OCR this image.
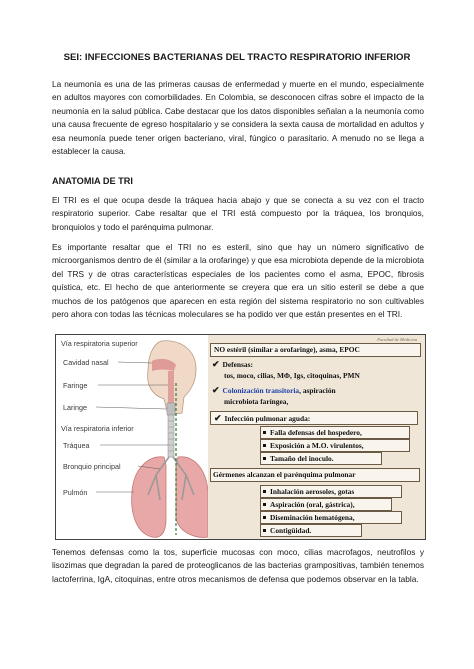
SEI: INFECCIONES BACTERIANAS DEL TRACTO RESPIRATORIO INFERIOR

La neumonía es una de las primeras causas de enfermedad y muerte en el mundo, especialmente en adultos mayores con comorbilidades. En Colombia, se desconocen cifras sobre el impacto de la neumonía en la salud pública. Cabe destacar que los datos disponibles señalan a la neumonía como una causa frecuente de egreso hospitalario y se considera la sexta causa de mortalidad en adultos y esa neumonía puede tener origen bacteriano, viral, fúngico o parasitario. A menudo no se llega a establecer la causa.

ANATOMIA DE TRI

El TRI es el que ocupa desde la tráquea hacia abajo y que se conecta a su vez con el tracto respiratorio superior. Cabe resaltar que el TRI está compuesto por la tráquea, los bronquios, bronquiolos y todo el parénquima pulmonar.

Es importante resaltar que el TRI no es esteril, sino que hay un número significativo de microorganismos dentro de él (similar a la orofaringe) y que esa microbiota depende de la microbiota del TRS y de otras características especiales de los pacientes como el asma, EPOC, fibrosis quística, etc. El hecho de que anteriormente se creyera que era un sitio esteril se debe a que muchos de los patógenos que aparecen en esta región del sistema respiratorio no son cultivables pero ahora con todas las técnicas moleculares se ha podido ver que están presentes en el TRI.

Vía respiratoria superior
Cavidad nasal
Faringe
Laringe
Vía respiratoria inferior
Tráquea
Bronquio principal
Pulmón
Facultad de Medicina
NO estéril (similar a orofaringe), asma, EPOC
✔ Defensas:
tos, moco, cilias, MΦ, Igs, citoquinas, PMN
✔ Colonización transitoria, aspiración
microbiota faríngea,
✔ Infección pulmonar aguda:
Falla defensas del hospedero,
Exposición a M.O. virulentos,
Tamaño del inoculo.
Gérmenes alcanzan el parénquima pulmonar
Inhalación aerosoles, gotas
Aspiración (oral, gástrica),
Diseminación hematógena,
Contigüidad.

Tenemos defensas como la tos, superficie mucosas con moco, cilias macrofagos, neutrofilos y lisozimas que degradan la pared de proteoglicanos de las bacterias grampositivas, también tenemos lactoferrina, IgA, citoquinas, entre otros mecanismos de defensa que podemos observar en la tabla.
